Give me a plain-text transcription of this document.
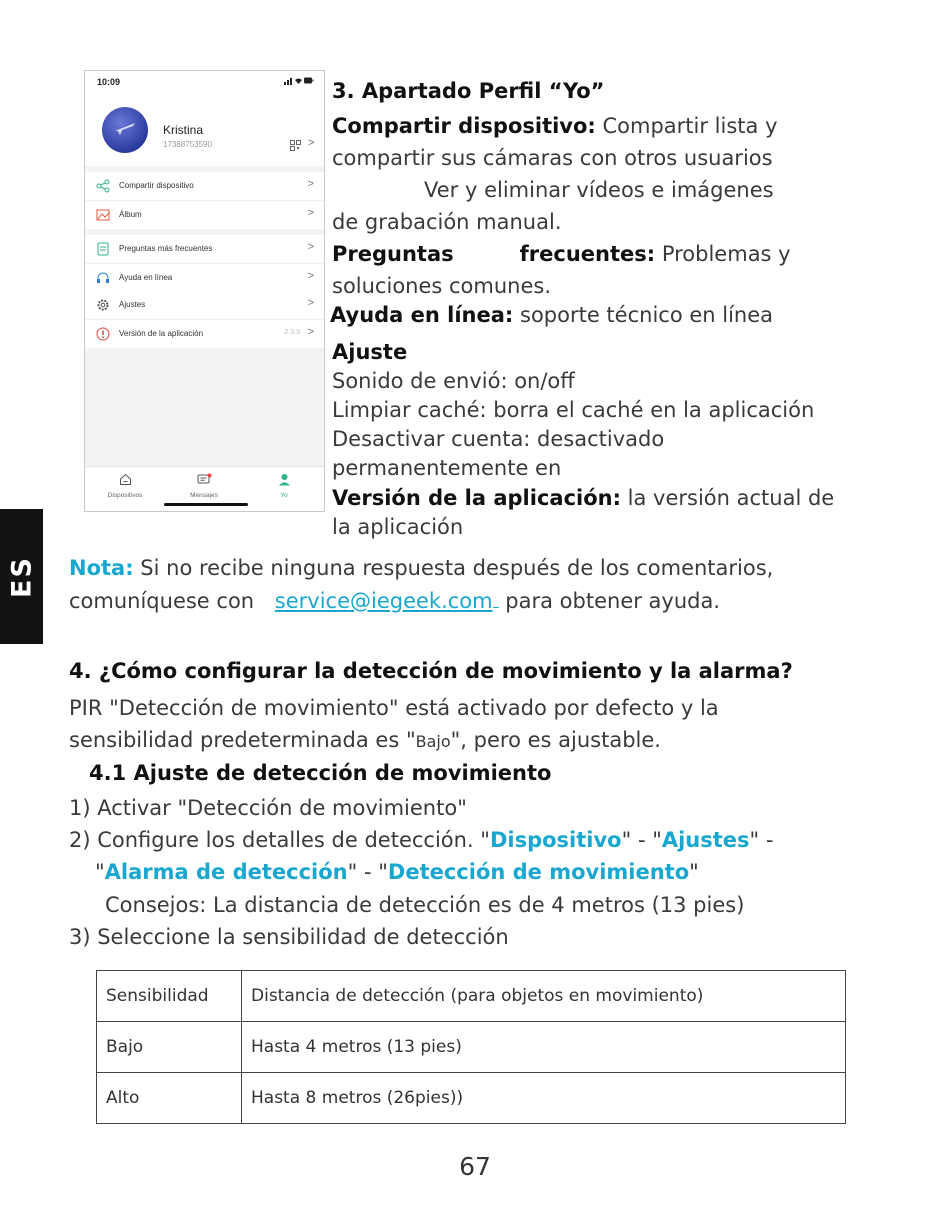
10:09
Kristina
17388753590	>
Compartir dispositivo	>
Álbum	>
Preguntas más frecuentes	>
Ayuda en línea	>
Ajustes	>
Versión de la aplicación	2.3.3 >
Dispositivos	Mensajes	Yo
3. Apartado Perfil “Yo”
Compartir dispositivo: Compartir lista y
compartir sus cámaras con otros usuarios
Ver y eliminar vídeos e imágenes
de grabación manual.
Preguntas	frecuentes: Problemas y
soluciones comunes.
Ayuda en línea: soporte técnico en línea
Ajuste
Sonido de envió: on/off
Limpiar caché: borra el caché en la aplicación
Desactivar cuenta: desactivado
permanentemente en
Versión de la aplicación: la versión actual de
la aplicación
ES Nota: Si no recibe ninguna respuesta después de los comentarios,
comuníquese con service@iegeek.com para obtener ayuda.
4. ¿Cómo configurar la detección de movimiento y la alarma?
PIR "Detección de movimiento" está activado por defecto y la
sensibilidad predeterminada es "Bajo", pero es ajustable.
4.1 Ajuste de detección de movimiento
1) Activar "Detección de movimiento"
2) Configure los detalles de detección. "Dispositivo" - "Ajustes" -
"Alarma de detección" - "Detección de movimiento"
Consejos: La distancia de detección es de 4 metros (13 pies)
3) Seleccione la sensibilidad de detección
Sensibilidad	Distancia de detección (para objetos en movimiento)
Bajo	Hasta 4 metros (13 pies)
Alto	Hasta 8 metros (26pies))
67
